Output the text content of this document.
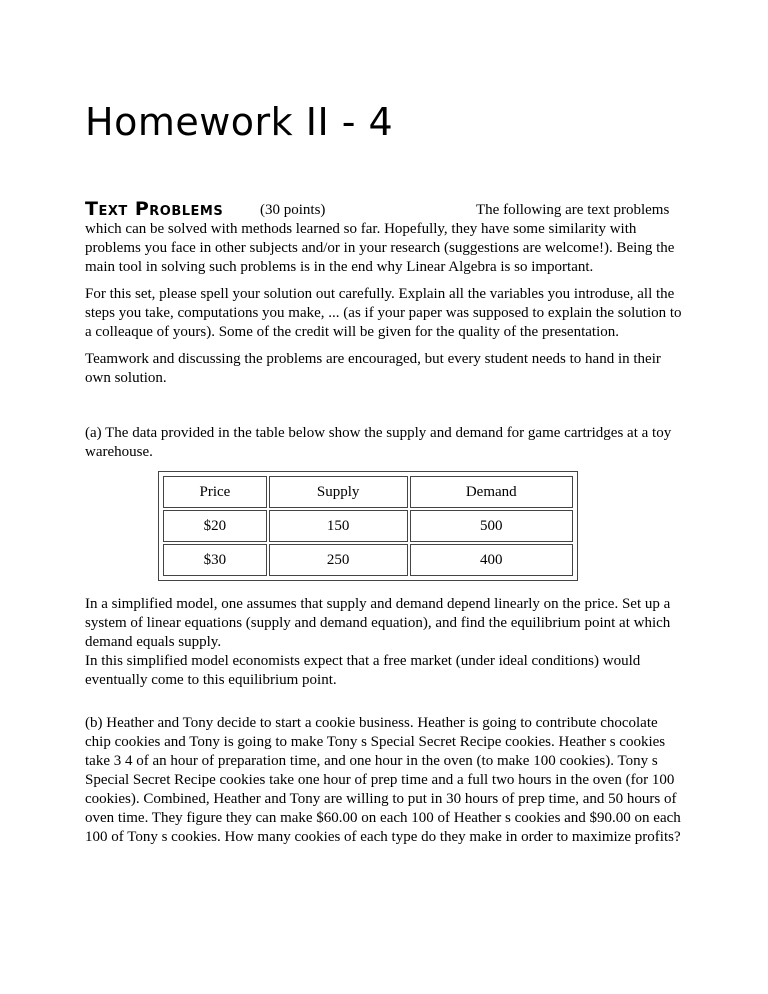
Homework II - 4
Text Problems (30 points)	The following are text problems

which can be solved with methods learned so far. Hopefully, they have some similarity with problems you face in other subjects and/or in your research (suggestions are welcome!). Being the main tool in solving such problems is in the end why Linear Algebra is so important.

For this set, please spell your solution out carefully. Explain all the variables you introduse, all the steps you take, computations you make, ... (as if your paper was supposed to explain the solution to a colleaque of yours). Some of the credit will be given for the quality of the presentation.

Teamwork and discussing the problems are encouraged, but every student needs to hand in their own solution.

(a) The data provided in the table below show the supply and demand for game cartridges at a toy warehouse.

Price	Supply	Demand
$20	150	500
$30	250	400

In a simplified model, one assumes that supply and demand depend linearly on the price. Set up a system of linear equations (supply and demand equation), and find the equilibrium point at which demand equals supply.

In this simplified model economists expect that a free market (under ideal conditions) would eventually come to this equilibrium point.

(b) Heather and Tony decide to start a cookie business. Heather is going to contribute chocolate chip cookies and Tony is going to make Tony s Special Secret Recipe cookies. Heather s cookies take 3 4 of an hour of preparation time, and one hour in the oven (to make 100 cookies). Tony s Special Secret Recipe cookies take one hour of prep time and a full two hours in the oven (for 100 cookies). Combined, Heather and Tony are willing to put in 30 hours of prep time, and 50 hours of oven time. They figure they can make $60.00 on each 100 of Heather s cookies and $90.00 on each 100 of Tony s cookies. How many cookies of each type do they make in order to maximize profits?
